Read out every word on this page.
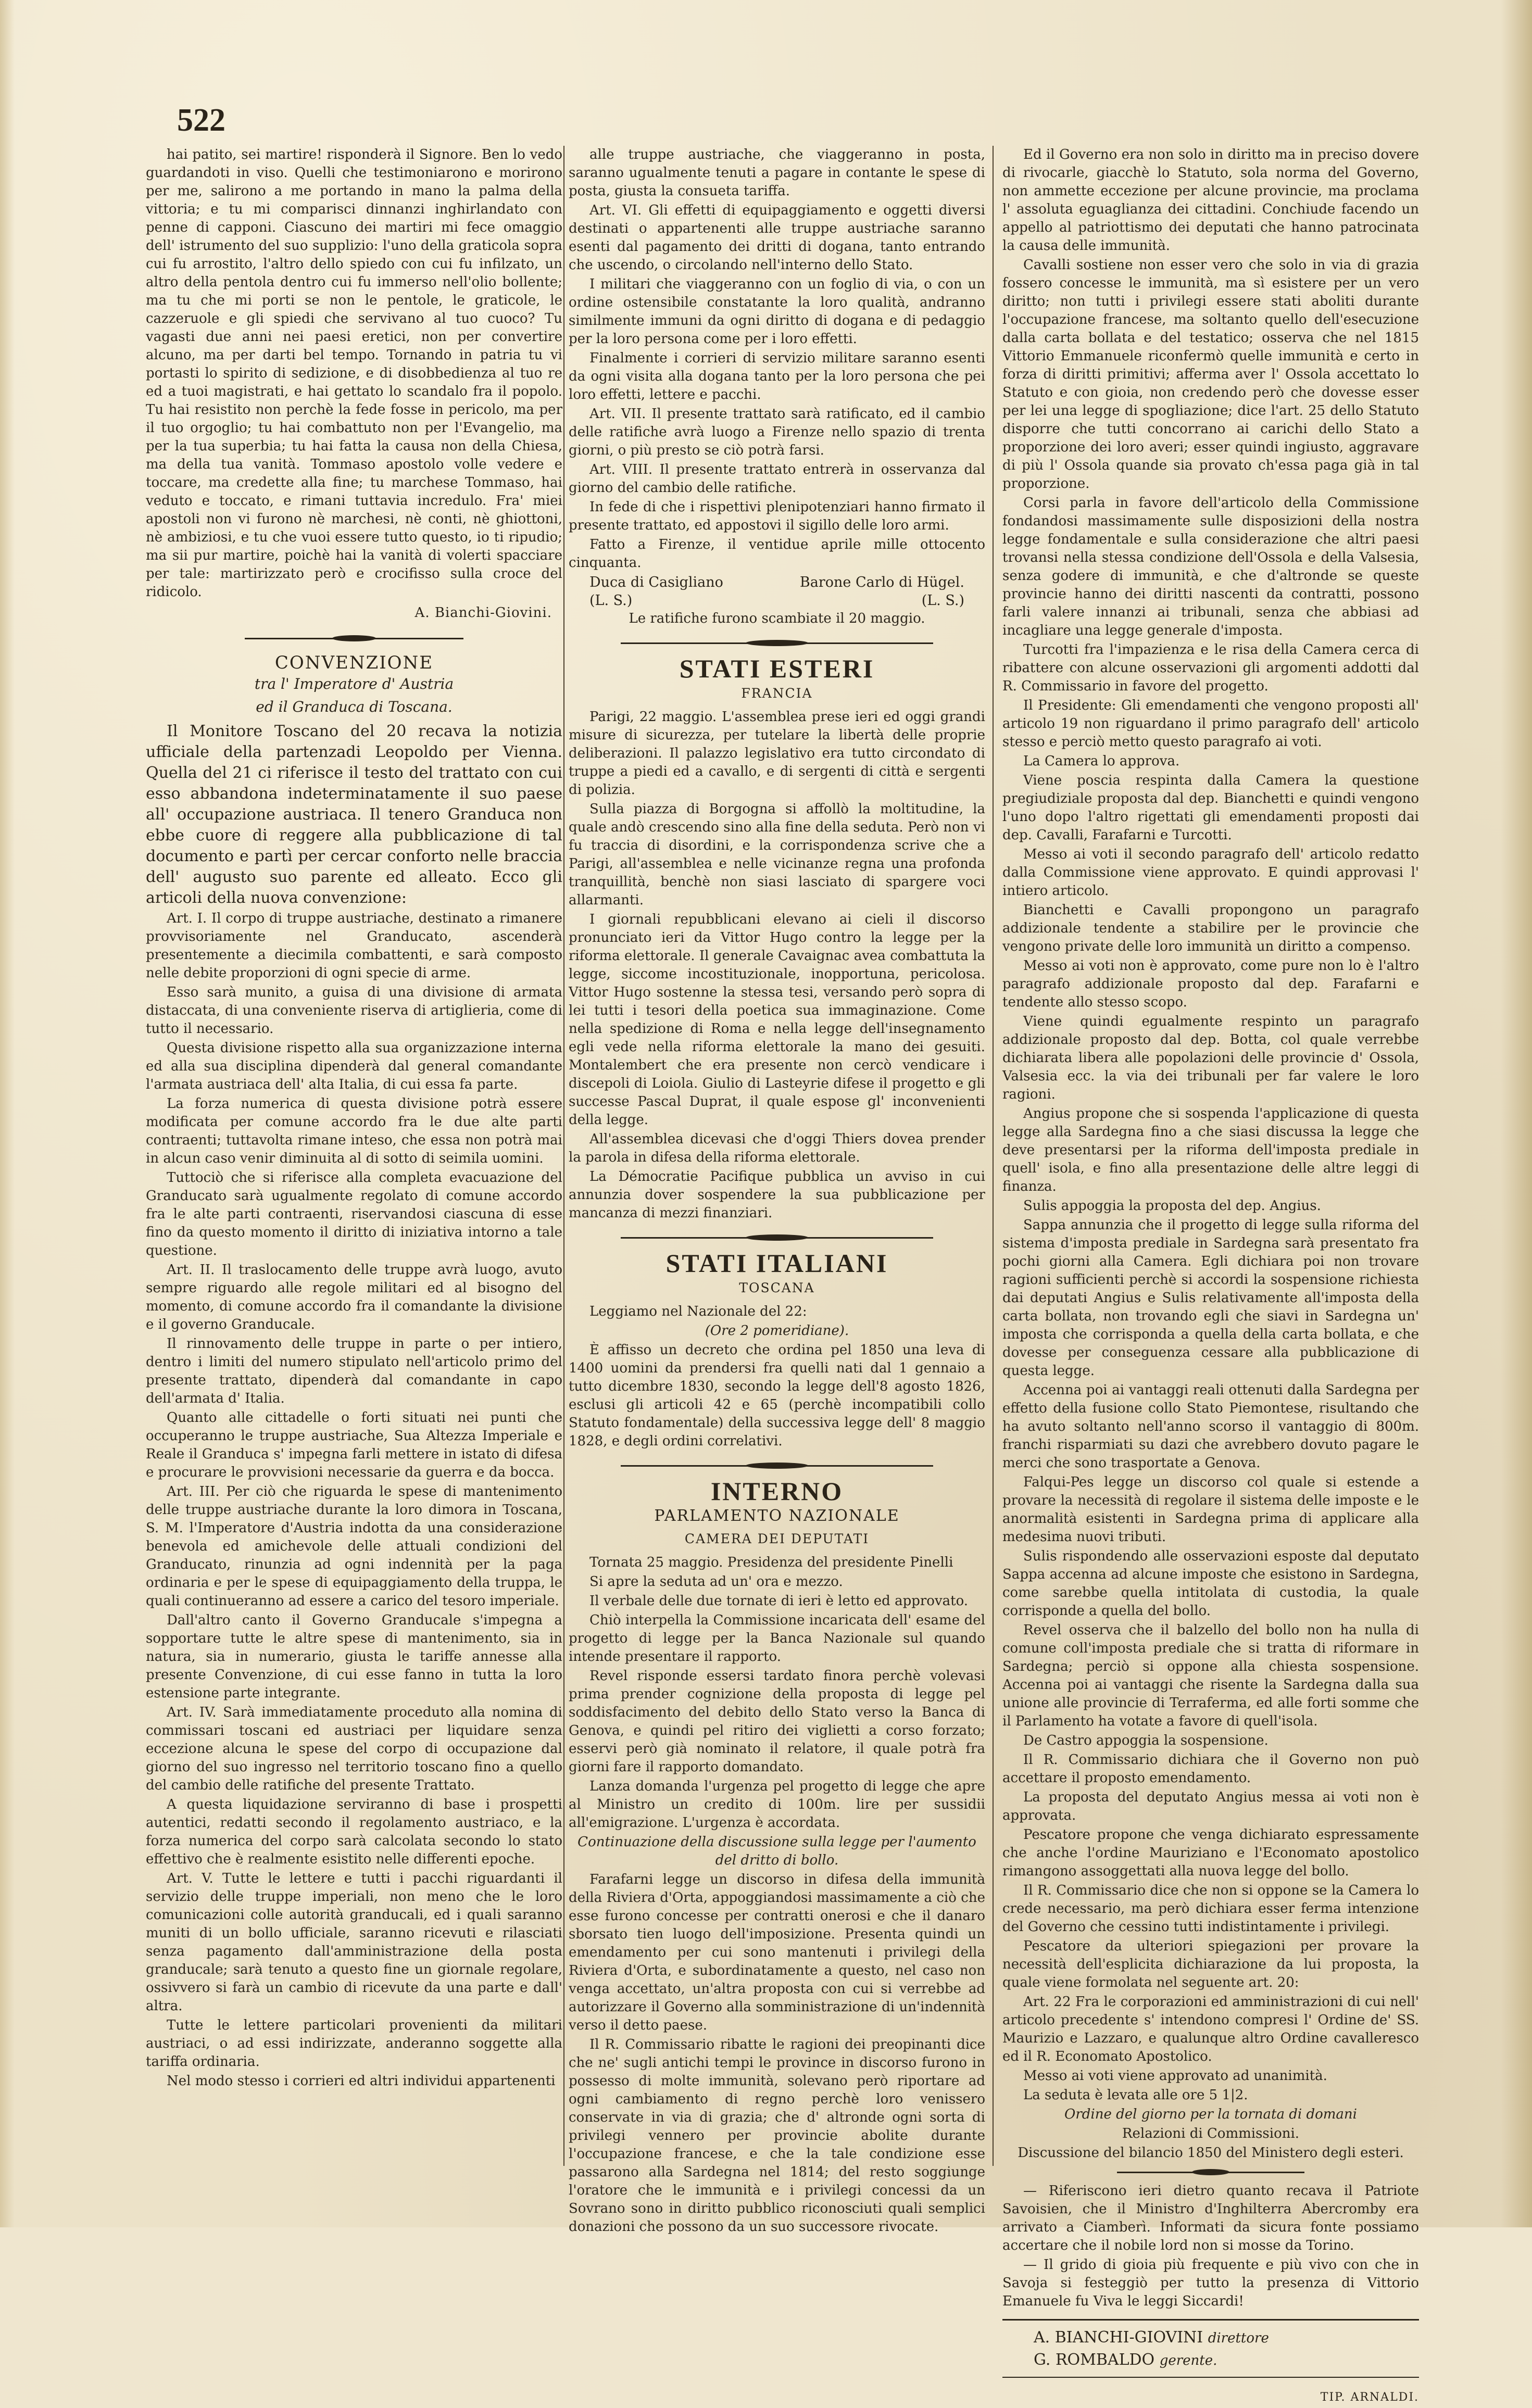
522

hai patito, sei martire! risponderà il Signore. Ben lo vedo guardandoti in viso. Quelli che testimoniarono e morirono per me, salirono a me portando in mano la palma della vittoria; e tu mi comparisci dinnanzi inghirlandato con penne di capponi. Ciascuno dei martiri mi fece omaggio dell' istrumento del suo supplizio: l'uno della graticola sopra cui fu arrostito, l'altro dello spiedo con cui fu infilzato, un altro della pentola dentro cui fu immerso nell'olio bollente; ma tu che mi porti se non le pentole, le graticole, le cazzeruole e gli spiedi che servivano al tuo cuoco? Tu vagasti due anni nei paesi eretici, non per convertire alcuno, ma per darti bel tempo. Tornando in patria tu vi portasti lo spirito di sedizione, e di disobbedienza al tuo re ed a tuoi magistrati, e hai gettato lo scandalo fra il popolo. Tu hai resistito non perchè la fede fosse in pericolo, ma per il tuo orgoglio; tu hai combattuto non per l'Evangelio, ma per la tua superbia; tu hai fatta la causa non della Chiesa, ma della tua vanità. Tommaso apostolo volle vedere e toccare, ma credette alla fine; tu marchese Tommaso, hai veduto e toccato, e rimani tuttavia incredulo. Fra' miei apostoli non vi furono nè marchesi, nè conti, nè ghiottoni, nè ambiziosi, e tu che vuoi essere tutto questo, io ti ripudio; ma sii pur martire, poichè hai la vanità di volerti spacciare per tale: martirizzato però e crocifisso sulla croce del ridicolo.

A. Bianchi-Giovini.
CONVENZIONE
tra l' Imperatore d' Austria
ed il Granduca di Toscana.

Il Monitore Toscano del 20 recava la notizia ufficiale della partenzadi Leopoldo per Vienna. Quella del 21 ci riferisce il testo del trattato con cui esso abbandona indeterminatamente il suo paese all' occupazione austriaca. Il tenero Granduca non ebbe cuore di reggere alla pubblicazione di tal documento e partì per cercar conforto nelle braccia dell' augusto suo parente ed alleato. Ecco gli articoli della nuova convenzione:

Art. I. Il corpo di truppe austriache, destinato a rimanere provvisoriamente nel Granducato, ascenderà presentemente a diecimila combattenti, e sarà composto nelle debite proporzioni di ogni specie di arme.

Esso sarà munito, a guisa di una divisione di armata distaccata, di una conveniente riserva di artiglieria, come di tutto il necessario.

Questa divisione rispetto alla sua organizzazione interna ed alla sua disciplina dipenderà dal general comandante l'armata austriaca dell' alta Italia, di cui essa fa parte.

La forza numerica di questa divisione potrà essere modificata per comune accordo fra le due alte parti contraenti; tuttavolta rimane inteso, che essa non potrà mai in alcun caso venir diminuita al di sotto di seimila uomini.

Tuttociò che si riferisce alla completa evacuazione del Granducato sarà ugualmente regolato di comune accordo fra le alte parti contraenti, riservandosi ciascuna di esse fino da questo momento il diritto di iniziativa intorno a tale questione.

Art. II. Il traslocamento delle truppe avrà luogo, avuto sempre riguardo alle regole militari ed al bisogno del momento, di comune accordo fra il comandante la divisione e il governo Granducale.

Il rinnovamento delle truppe in parte o per intiero, dentro i limiti del numero stipulato nell'articolo primo del presente trattato, dipenderà dal comandante in capo dell'armata d' Italia.

Quanto alle cittadelle o forti situati nei punti che occuperanno le truppe austriache, Sua Altezza Imperiale e Reale il Granduca s' impegna farli mettere in istato di difesa e procurare le provvisioni necessarie da guerra e da bocca.

Art. III. Per ciò che riguarda le spese di mantenimento delle truppe austriache durante la loro dimora in Toscana, S. M. l'Imperatore d'Austria indotta da una considerazione benevola ed amichevole delle attuali condizioni del Granducato, rinunzia ad ogni indennità per la paga ordinaria e per le spese di equipaggiamento della truppa, le quali continueranno ad essere a carico del tesoro imperiale.

Dall'altro canto il Governo Granducale s'impegna a sopportare tutte le altre spese di mantenimento, sia in natura, sia in numerario, giusta le tariffe annesse alla presente Convenzione, di cui esse fanno in tutta la loro estensione parte integrante.

Art. IV. Sarà immediatamente proceduto alla nomina di commissari toscani ed austriaci per liquidare senza eccezione alcuna le spese del corpo di occupazione dal giorno del suo ingresso nel territorio toscano fino a quello del cambio delle ratifiche del presente Trattato.

A questa liquidazione serviranno di base i prospetti autentici, redatti secondo il regolamento austriaco, e la forza numerica del corpo sarà calcolata secondo lo stato effettivo che è realmente esistito nelle differenti epoche.

Art. V. Tutte le lettere e tutti i pacchi riguardanti il servizio delle truppe imperiali, non meno che le loro comunicazioni colle autorità granducali, ed i quali saranno muniti di un bollo ufficiale, saranno ricevuti e rilasciati senza pagamento dall'amministrazione della posta granducale; sarà tenuto a questo fine un giornale regolare, ossivvero si farà un cambio di ricevute da una parte e dall' altra.

Tutte le lettere particolari provenienti da militari austriaci, o ad essi indirizzate, anderanno soggette alla tariffa ordinaria.

Nel modo stesso i corrieri ed altri individui appartenenti

alle truppe austriache, che viaggeranno in posta, saranno ugualmente tenuti a pagare in contante le spese di posta, giusta la consueta tariffa.

Art. VI. Gli effetti di equipaggiamento e oggetti diversi destinati o appartenenti alle truppe austriache saranno esenti dal pagamento dei dritti di dogana, tanto entrando che uscendo, o circolando nell'interno dello Stato.

I militari che viaggeranno con un foglio di via, o con un ordine ostensibile constatante la loro qualità, andranno similmente immuni da ogni diritto di dogana e di pedaggio per la loro persona come per i loro effetti.

Finalmente i corrieri di servizio militare saranno esenti da ogni visita alla dogana tanto per la loro persona che pei loro effetti, lettere e pacchi.

Art. VII. Il presente trattato sarà ratificato, ed il cambio delle ratifiche avrà luogo a Firenze nello spazio di trenta giorni, o più presto se ciò potrà farsi.

Art. VIII. Il presente trattato entrerà in osservanza dal giorno del cambio delle ratifiche.

In fede di che i rispettivi plenipotenziari hanno firmato il presente trattato, ed appostovi il sigillo delle loro armi.

Fatto a Firenze, il ventidue aprile mille ottocento cinquanta.

Duca di Casigliano	Barone Carlo di Hügel.
(L. S.)	(L. S.)

Le ratifiche furono scambiate il 20 maggio.

STATI ESTERI
FRANCIA

Parigi, 22 maggio. L'assemblea prese ieri ed oggi grandi misure di sicurezza, per tutelare la libertà delle proprie deliberazioni. Il palazzo legislativo era tutto circondato di truppe a piedi ed a cavallo, e di sergenti di città e sergenti di polizia.

Sulla piazza di Borgogna si affollò la moltitudine, la quale andò crescendo sino alla fine della seduta. Però non vi fu traccia di disordini, e la corrispondenza scrive che a Parigi, all'assemblea e nelle vicinanze regna una profonda tranquillità, benchè non siasi lasciato di spargere voci allarmanti.

I giornali repubblicani elevano ai cieli il discorso pronunciato ieri da Vittor Hugo contro la legge per la riforma elettorale. Il generale Cavaignac avea combattuta la legge, siccome incostituzionale, inopportuna, pericolosa. Vittor Hugo sostenne la stessa tesi, versando però sopra di lei tutti i tesori della poetica sua immaginazione. Come nella spedizione di Roma e nella legge dell'insegnamento egli vede nella riforma elettorale la mano dei gesuiti. Montalembert che era presente non cercò vendicare i discepoli di Loiola. Giulio di Lasteyrie difese il progetto e gli successe Pascal Duprat, il quale espose gl' inconvenienti della legge.

All'assemblea dicevasi che d'oggi Thiers dovea prender la parola in difesa della riforma elettorale.

La Démocratie Pacifique pubblica un avviso in cui annunzia dover sospendere la sua pubblicazione per mancanza di mezzi finanziari.

STATI ITALIANI
TOSCANA

Leggiamo nel Nazionale del 22:

(Ore 2 pomeridiane).

È affisso un decreto che ordina pel 1850 una leva di 1400 uomini da prendersi fra quelli nati dal 1 gennaio a tutto dicembre 1830, secondo la legge dell'8 agosto 1826, esclusi gli articoli 42 e 65 (perchè incompatibili collo Statuto fondamentale) della successiva legge dell' 8 maggio 1828, e degli ordini correlativi.

INTERNO
PARLAMENTO NAZIONALE
CAMERA DEI DEPUTATI

Tornata 25 maggio. Presidenza del presidente Pinelli

Si apre la seduta ad un' ora e mezzo.

Il verbale delle due tornate di ieri è letto ed approvato.

Chiò interpella la Commissione incaricata dell' esame del progetto di legge per la Banca Nazionale sul quando intende presentare il rapporto.

Revel risponde essersi tardato finora perchè volevasi prima prender cognizione della proposta di legge pel soddisfacimento del debito dello Stato verso la Banca di Genova, e quindi pel ritiro dei viglietti a corso forzato; esservi però già nominato il relatore, il quale potrà fra giorni fare il rapporto domandato.

Lanza domanda l'urgenza pel progetto di legge che apre al Ministro un credito di 100m. lire per sussidii all'emigrazione. L'urgenza è accordata.

Continuazione della discussione sulla legge per l'aumento del dritto di bollo.

Farafarni legge un discorso in difesa della immunità della Riviera d'Orta, appoggiandosi massimamente a ciò che esse furono concesse per contratti onerosi e che il danaro sborsato tien luogo dell'imposizione. Presenta quindi un emendamento per cui sono mantenuti i privilegi della Riviera d'Orta, e subordinatamente a questo, nel caso non venga accettato, un'altra proposta con cui si verrebbe ad autorizzare il Governo alla somministrazione di un'indennità verso il detto paese.

Il R. Commissario ribatte le ragioni dei preopinanti dice che ne' sugli antichi tempi le province in discorso furono in possesso di molte immunità, solevano però riportare ad ogni cambiamento di regno perchè loro venissero conservate in via di grazia; che d' altronde ogni sorta di privilegi vennero per provincie abolite durante l'occupazione francese, e che la tale condizione esse passarono alla Sardegna nel 1814; del resto soggiunge l'oratore che le immunità e i privilegi concessi da un Sovrano sono in diritto pubblico riconosciuti quali semplici donazioni che possono da un suo successore rivocate.

Ed il Governo era non solo in diritto ma in preciso dovere di rivocarle, giacchè lo Statuto, sola norma del Governo, non ammette eccezione per alcune provincie, ma proclama l' assoluta eguaglianza dei cittadini. Conchiude facendo un appello al patriottismo dei deputati che hanno patrocinata la causa delle immunità.

Cavalli sostiene non esser vero che solo in via di grazia fossero concesse le immunità, ma sì esistere per un vero diritto; non tutti i privilegi essere stati aboliti durante l'occupazione francese, ma soltanto quello dell'esecuzione dalla carta bollata e del testatico; osserva che nel 1815 Vittorio Emmanuele riconfermò quelle immunità e certo in forza di diritti primitivi; afferma aver l' Ossola accettato lo Statuto e con gioia, non credendo però che dovesse esser per lei una legge di spogliazione; dice l'art. 25 dello Statuto disporre che tutti concorrano ai carichi dello Stato a proporzione dei loro averi; esser quindi ingiusto, aggravare di più l' Ossola quande sia provato ch'essa paga già in tal proporzione.

Corsi parla in favore dell'articolo della Commissione fondandosi massimamente sulle disposizioni della nostra legge fondamentale e sulla considerazione che altri paesi trovansi nella stessa condizione dell'Ossola e della Valsesia, senza godere di immunità, e che d'altronde se queste provincie hanno dei diritti nascenti da contratti, possono farli valere innanzi ai tribunali, senza che abbiasi ad incagliare una legge generale d'imposta.

Turcotti fra l'impazienza e le risa della Camera cerca di ribattere con alcune osservazioni gli argomenti addotti dal R. Commissario in favore del progetto.

Il Presidente: Gli emendamenti che vengono proposti all' articolo 19 non riguardano il primo paragrafo dell' articolo stesso e perciò metto questo paragrafo ai voti.

La Camera lo approva.

Viene poscia respinta dalla Camera la questione pregiudiziale proposta dal dep. Bianchetti e quindi vengono l'uno dopo l'altro rigettati gli emendamenti proposti dai dep. Cavalli, Farafarni e Turcotti.

Messo ai voti il secondo paragrafo dell' articolo redatto dalla Commissione viene approvato. E quindi approvasi l' intiero articolo.

Bianchetti e Cavalli propongono un paragrafo addizionale tendente a stabilire per le provincie che vengono private delle loro immunità un diritto a compenso.

Messo ai voti non è approvato, come pure non lo è l'altro paragrafo addizionale proposto dal dep. Farafarni e tendente allo stesso scopo.

Viene quindi egualmente respinto un paragrafo addizionale proposto dal dep. Botta, col quale verrebbe dichiarata libera alle popolazioni delle provincie d' Ossola, Valsesia ecc. la via dei tribunali per far valere le loro ragioni.

Angius propone che si sospenda l'applicazione di questa legge alla Sardegna fino a che siasi discussa la legge che deve presentarsi per la riforma dell'imposta prediale in quell' isola, e fino alla presentazione delle altre leggi di finanza.

Sulis appoggia la proposta del dep. Angius.

Sappa annunzia che il progetto di legge sulla riforma del sistema d'imposta prediale in Sardegna sarà presentato fra pochi giorni alla Camera. Egli dichiara poi non trovare ragioni sufficienti perchè si accordi la sospensione richiesta dai deputati Angius e Sulis relativamente all'imposta della carta bollata, non trovando egli che siavi in Sardegna un' imposta che corrisponda a quella della carta bollata, e che dovesse per conseguenza cessare alla pubblicazione di questa legge.

Accenna poi ai vantaggi reali ottenuti dalla Sardegna per effetto della fusione collo Stato Piemontese, risultando che ha avuto soltanto nell'anno scorso il vantaggio di 800m. franchi risparmiati su dazi che avrebbero dovuto pagare le merci che sono trasportate a Genova.

Falqui-Pes legge un discorso col quale si estende a provare la necessità di regolare il sistema delle imposte e le anormalità esistenti in Sardegna prima di applicare alla medesima nuovi tributi.

Sulis rispondendo alle osservazioni esposte dal deputato Sappa accenna ad alcune imposte che esistono in Sardegna, come sarebbe quella intitolata di custodia, la quale corrisponde a quella del bollo.

Revel osserva che il balzello del bollo non ha nulla di comune coll'imposta prediale che si tratta di riformare in Sardegna; perciò si oppone alla chiesta sospensione. Accenna poi ai vantaggi che risente la Sardegna dalla sua unione alle provincie di Terraferma, ed alle forti somme che il Parlamento ha votate a favore di quell'isola.

De Castro appoggia la sospensione.

Il R. Commissario dichiara che il Governo non può accettare il proposto emendamento.

La proposta del deputato Angius messa ai voti non è approvata.

Pescatore propone che venga dichiarato espressamente che anche l'ordine Mauriziano e l'Economato apostolico rimangono assoggettati alla nuova legge del bollo.

Il R. Commissario dice che non si oppone se la Camera lo crede necessario, ma però dichiara esser ferma intenzione del Governo che cessino tutti indistintamente i privilegi.

Pescatore da ulteriori spiegazioni per provare la necessità dell'esplicita dichiarazione da lui proposta, la quale viene formolata nel seguente art. 20:

Art. 22 Fra le corporazioni ed amministrazioni di cui nell' articolo precedente s' intendono compresi l' Ordine de' SS. Maurizio e Lazzaro, e qualunque altro Ordine cavalleresco ed il R. Economato Apostolico.

Messo ai voti viene approvato ad unanimità.

La seduta è levata alle ore 5 1|2.

Ordine del giorno per la tornata di domani

Relazioni di Commissioni.

Discussione del bilancio 1850 del Ministero degli esteri.

— Riferiscono ieri dietro quanto recava il Patriote Savoisien, che il Ministro d'Inghilterra Abercromby era arrivato a Ciamberì. Informati da sicura fonte possiamo accertare che il nobile lord non si mosse da Torino.

— Il grido di gioia più frequente e più vivo con che in Savoja si festeggiò per tutto la presenza di Vittorio Emanuele fu Viva le leggi Siccardi!

A. BIANCHI-GIOVINI direttore
G. ROMBALDO gerente.
TIP. ARNALDI.
